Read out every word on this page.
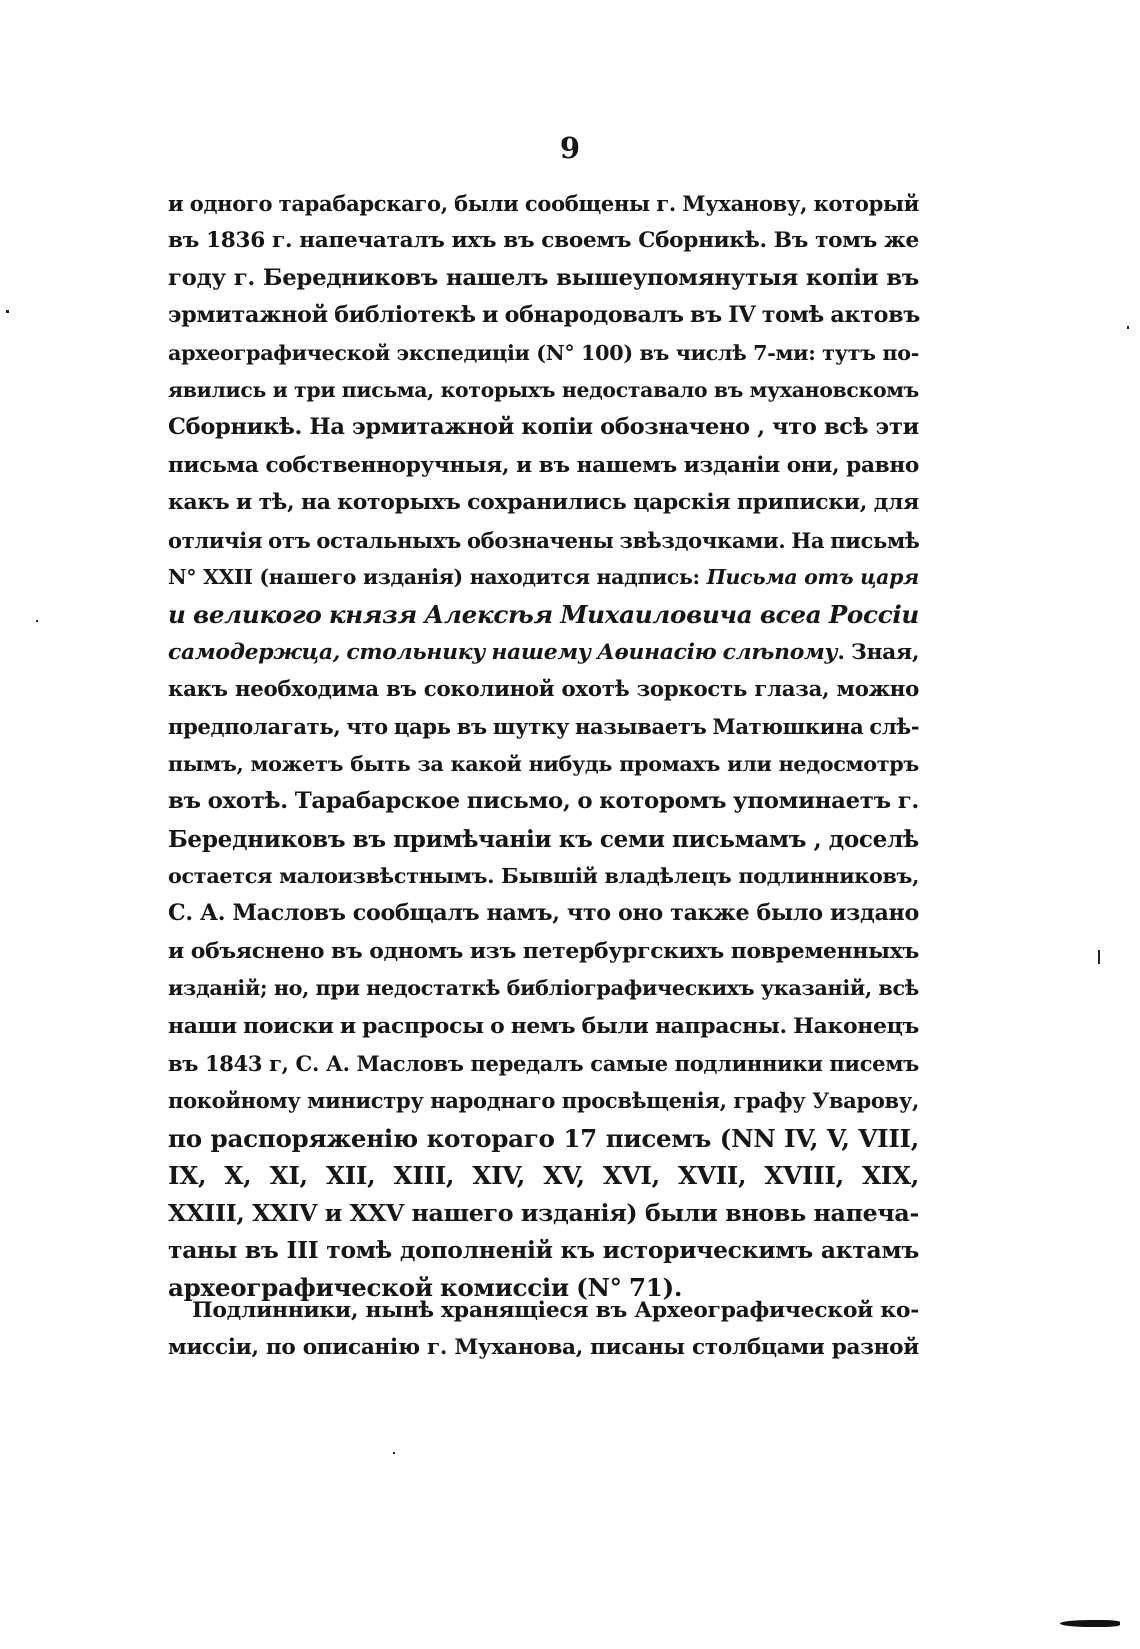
9
и одного тарабарскаго, были сообщены г. Муханову, который
въ 1836 г. напечаталъ ихъ въ своемъ Сборникѣ. Въ томъ же
году г. Бередниковъ нашелъ вышеупомянутыя копіи въ
эрмитажной библіотекѣ и обнародовалъ въ IV томѣ актовъ
археографической экспедиціи (N° 100) въ числѣ 7-ми: тутъ по-
явились и три письма, которыхъ недоставало въ мухановскомъ
Сборникѣ. На эрмитажной копіи обозначено , что всѣ эти
письма собственноручныя, и въ нашемъ изданіи они, равно
какъ и тѣ, на которыхъ сохранились царскія приписки, для
отличія отъ остальныхъ обозначены звѣздочками. На письмѣ
N° XXII (нашего изданія) находится надпись: Письма отъ царя
и великого князя Алексѣя Михаиловича всеа Россіи
самодержца, стольнику нашему Аѳинасію слѣпому. Зная,
какъ необходима въ соколиной охотѣ зоркость глаза, можно
предполагать, что царь въ шутку называетъ Матюшкина слѣ-
пымъ, можетъ быть за какой нибудь промахъ или недосмотръ
въ охотѣ. Тарабарское письмо, о которомъ упоминаетъ г.
Бередниковъ въ примѣчаніи къ семи письмамъ , доселѣ
остается малоизвѣстнымъ. Бывшій владѣлецъ подлинниковъ,
С. А. Масловъ сообщалъ намъ, что оно также было издано
и объяснено въ одномъ изъ петербургскихъ повременныхъ
изданій; но, при недостаткѣ библіографическихъ указаній, всѣ
наши поиски и распросы о немъ были напрасны. Наконецъ
въ 1843 г, С. А. Масловъ передалъ самые подлинники писемъ
покойному министру народнаго просвѣщенія, графу Уварову,
по распоряженію котораго 17 писемъ (NN IV, V, VIII,
IX, X, XI, XII, XIII, XIV, XV, XVI, XVII, XVIII, XIX,
XXIII, XXIV и XXV нашего изданія) были вновь напеча-
таны въ III томѣ дополненій къ историческимъ актамъ
археографической комиссіи (N° 71).
Подлинники, нынѣ хранящіеся въ Археографической ко-
миссіи, по описанію г. Муханова, писаны столбцами разной
